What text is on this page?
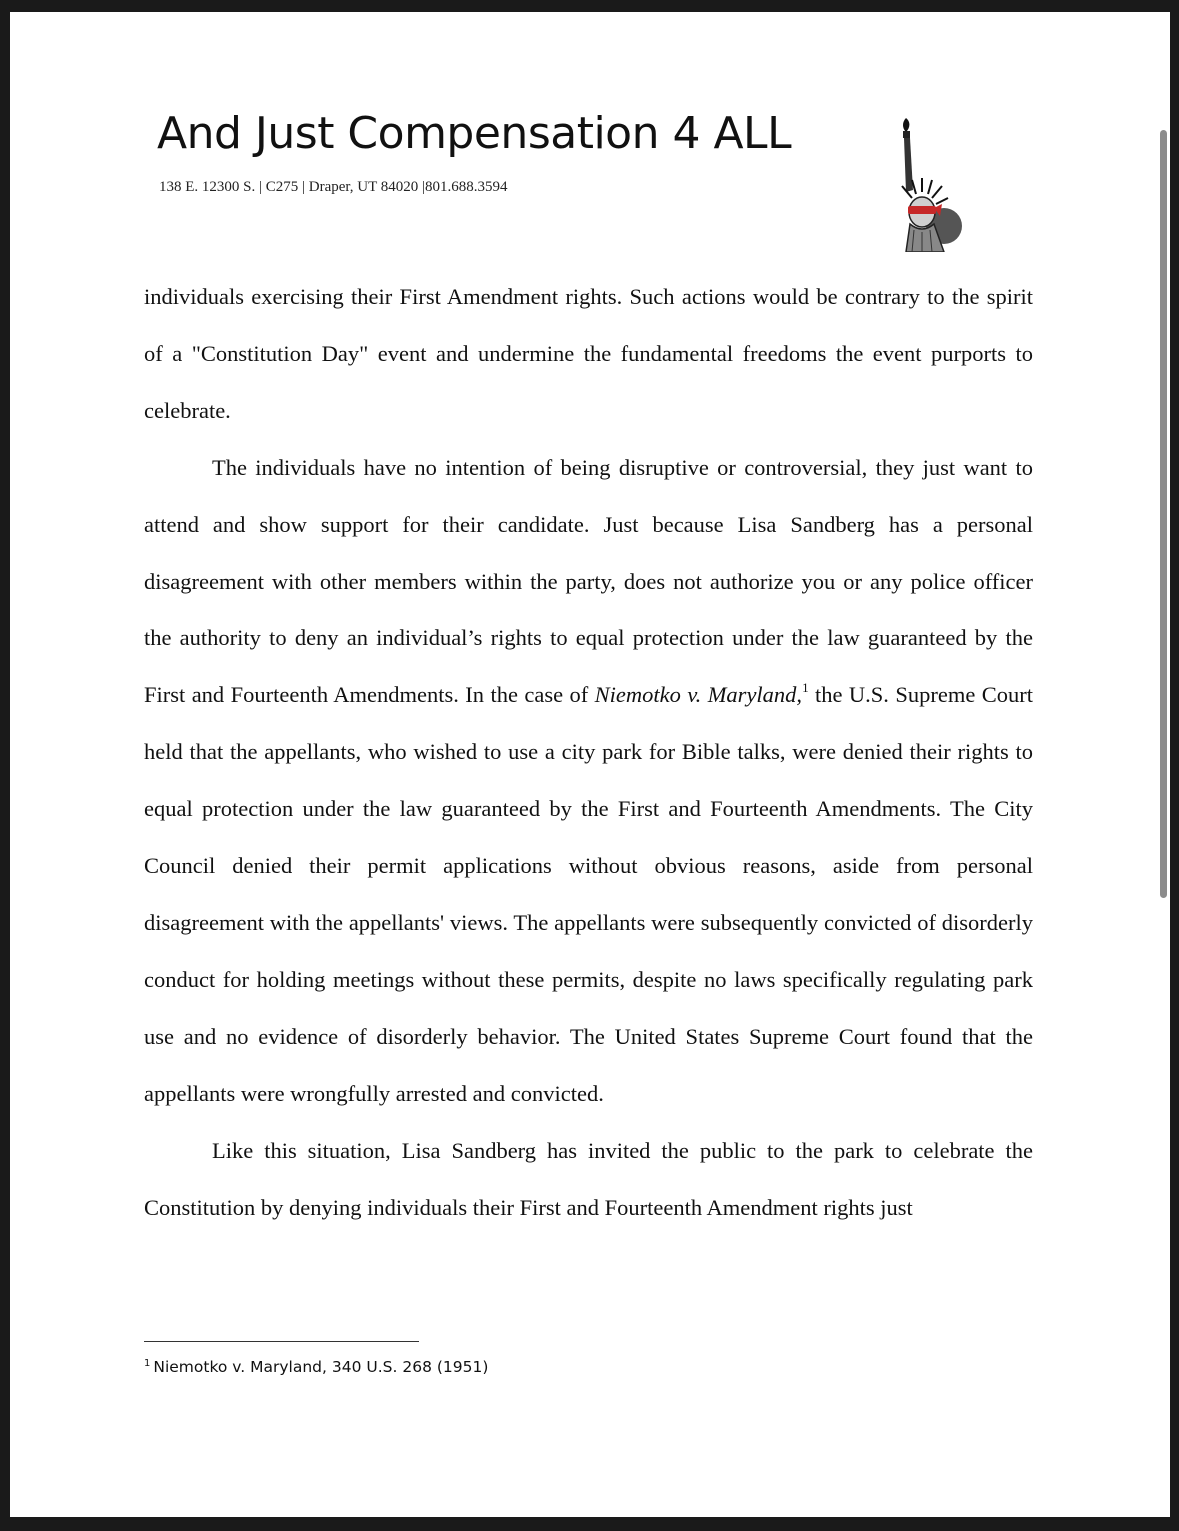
And Just Compensation 4 ALL
138 E. 12300 S. | C275 | Draper, UT 84020 |801.688.3594

individuals exercising their First Amendment rights. Such actions would be contrary to the spirit of a "Constitution Day" event and undermine the fundamental freedoms the event purports to celebrate.

The individuals have no intention of being disruptive or controversial, they just want to attend and show support for their candidate. Just because Lisa Sandberg has a personal disagreement with other members within the party, does not authorize you or any police officer the authority to deny an individual’s rights to equal protection under the law guaranteed by the First and Fourteenth Amendments. In the case of Niemotko v. Maryland,$^1$ the U.S. Supreme Court held that the appellants, who wished to use a city park for Bible talks, were denied their rights to equal protection under the law guaranteed by the First and Fourteenth Amendments. The City Council denied their permit applications without obvious reasons, aside from personal disagreement with the appellants' views. The appellants were subsequently convicted of disorderly conduct for holding meetings without these permits, despite no laws specifically regulating park use and no evidence of disorderly behavior. The United States Supreme Court found that the appellants were wrongfully arrested and convicted.

Like this situation, Lisa Sandberg has invited the public to the park to celebrate the Constitution by denying individuals their First and Fourteenth Amendment rights just

$^1$ Niemotko v. Maryland, 340 U.S. 268 (1951)
